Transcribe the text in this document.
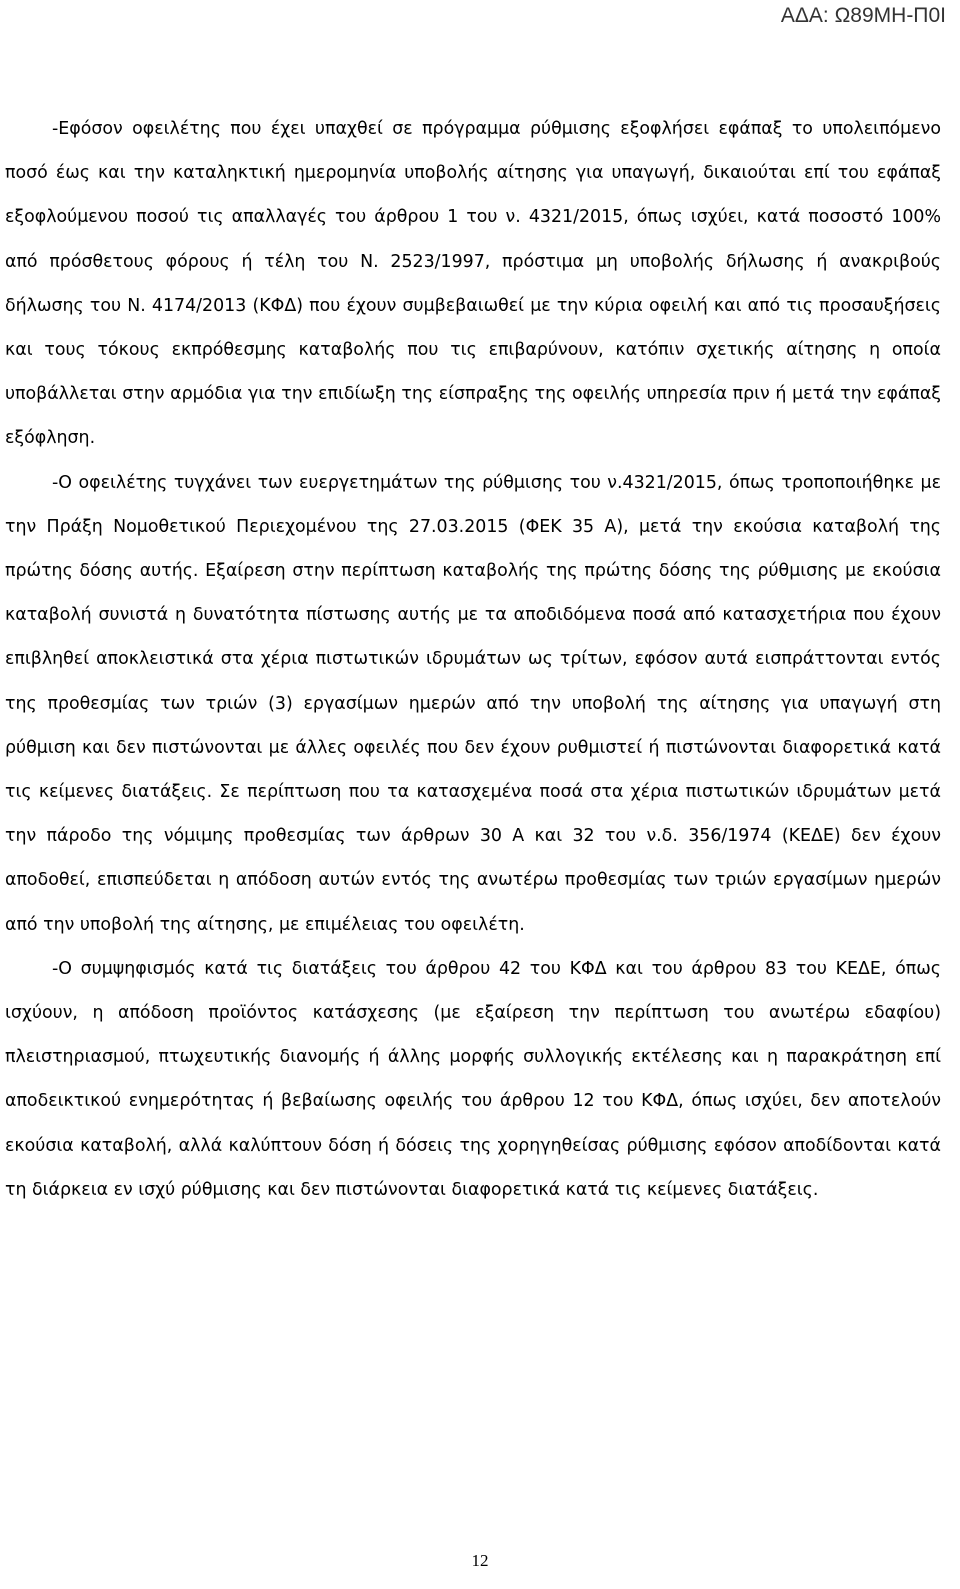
ΑΔΑ: Ω89ΜΗ-Π0Ι

-Εφόσον οφειλέτης που έχει υπαχθεί σε πρόγραμμα ρύθμισης εξοφλήσει εφάπαξ το υπολειπόμενο ποσό έως και την καταληκτική ημερομηνία υποβολής αίτησης για υπαγωγή, δικαιούται επί του εφάπαξ εξοφλούμενου ποσού τις απαλλαγές του άρθρου 1 του ν. 4321/2015, όπως ισχύει, κατά ποσοστό 100% από πρόσθετους φόρους ή τέλη του Ν. 2523/1997, πρόστιμα μη υποβολής δήλωσης ή ανακριβούς δήλωσης του Ν. 4174/2013 (ΚΦΔ) που έχουν συμβεβαιωθεί με την κύρια οφειλή και από τις προσαυξήσεις και τους τόκους εκπρόθεσμης καταβολής που τις επιβαρύνουν, κατόπιν σχετικής αίτησης η οποία υποβάλλεται στην αρμόδια για την επιδίωξη της είσπραξης της οφειλής υπηρεσία πριν ή μετά την εφάπαξ εξόφληση.

-Ο οφειλέτης τυγχάνει των ευεργετημάτων της ρύθμισης του ν.4321/2015, όπως τροποποιήθηκε με την Πράξη Νομοθετικού Περιεχομένου της 27.03.2015 (ΦΕΚ 35 Α), μετά την εκούσια καταβολή της πρώτης δόσης αυτής. Εξαίρεση στην περίπτωση καταβολής της πρώτης δόσης της ρύθμισης με εκούσια καταβολή συνιστά η δυνατότητα πίστωσης αυτής με τα αποδιδόμενα ποσά από κατασχετήρια που έχουν επιβληθεί αποκλειστικά στα χέρια πιστωτικών ιδρυμάτων ως τρίτων, εφόσον αυτά εισπράττονται εντός της προθεσμίας των τριών (3) εργασίμων ημερών από την υποβολή της αίτησης για υπαγωγή στη ρύθμιση και δεν πιστώνονται με άλλες οφειλές που δεν έχουν ρυθμιστεί ή πιστώνονται διαφορετικά κατά τις κείμενες διατάξεις. Σε περίπτωση που τα κατασχεμένα ποσά στα χέρια πιστωτικών ιδρυμάτων μετά την πάροδο της νόμιμης προθεσμίας των άρθρων 30 Α και 32 του ν.δ. 356/1974 (ΚΕΔΕ) δεν έχουν αποδοθεί, επισπεύδεται η απόδοση αυτών εντός της ανωτέρω προθεσμίας των τριών εργασίμων ημερών από την υποβολή της αίτησης, με επιμέλειας του οφειλέτη.

-Ο συμψηφισμός κατά τις διατάξεις του άρθρου 42 του ΚΦΔ και του άρθρου 83 του ΚΕΔΕ, όπως ισχύουν, η απόδοση προϊόντος κατάσχεσης (με εξαίρεση την περίπτωση του ανωτέρω εδαφίου) πλειστηριασμού, πτωχευτικής διανομής ή άλλης μορφής συλλογικής εκτέλεσης και η παρακράτηση επί αποδεικτικού ενημερότητας ή βεβαίωσης οφειλής του άρθρου 12 του ΚΦΔ, όπως ισχύει, δεν αποτελούν εκούσια καταβολή, αλλά καλύπτουν δόση ή δόσεις της χορηγηθείσας ρύθμισης εφόσον αποδίδονται κατά τη διάρκεια εν ισχύ ρύθμισης και δεν πιστώνονται διαφορετικά κατά τις κείμενες διατάξεις.

12
